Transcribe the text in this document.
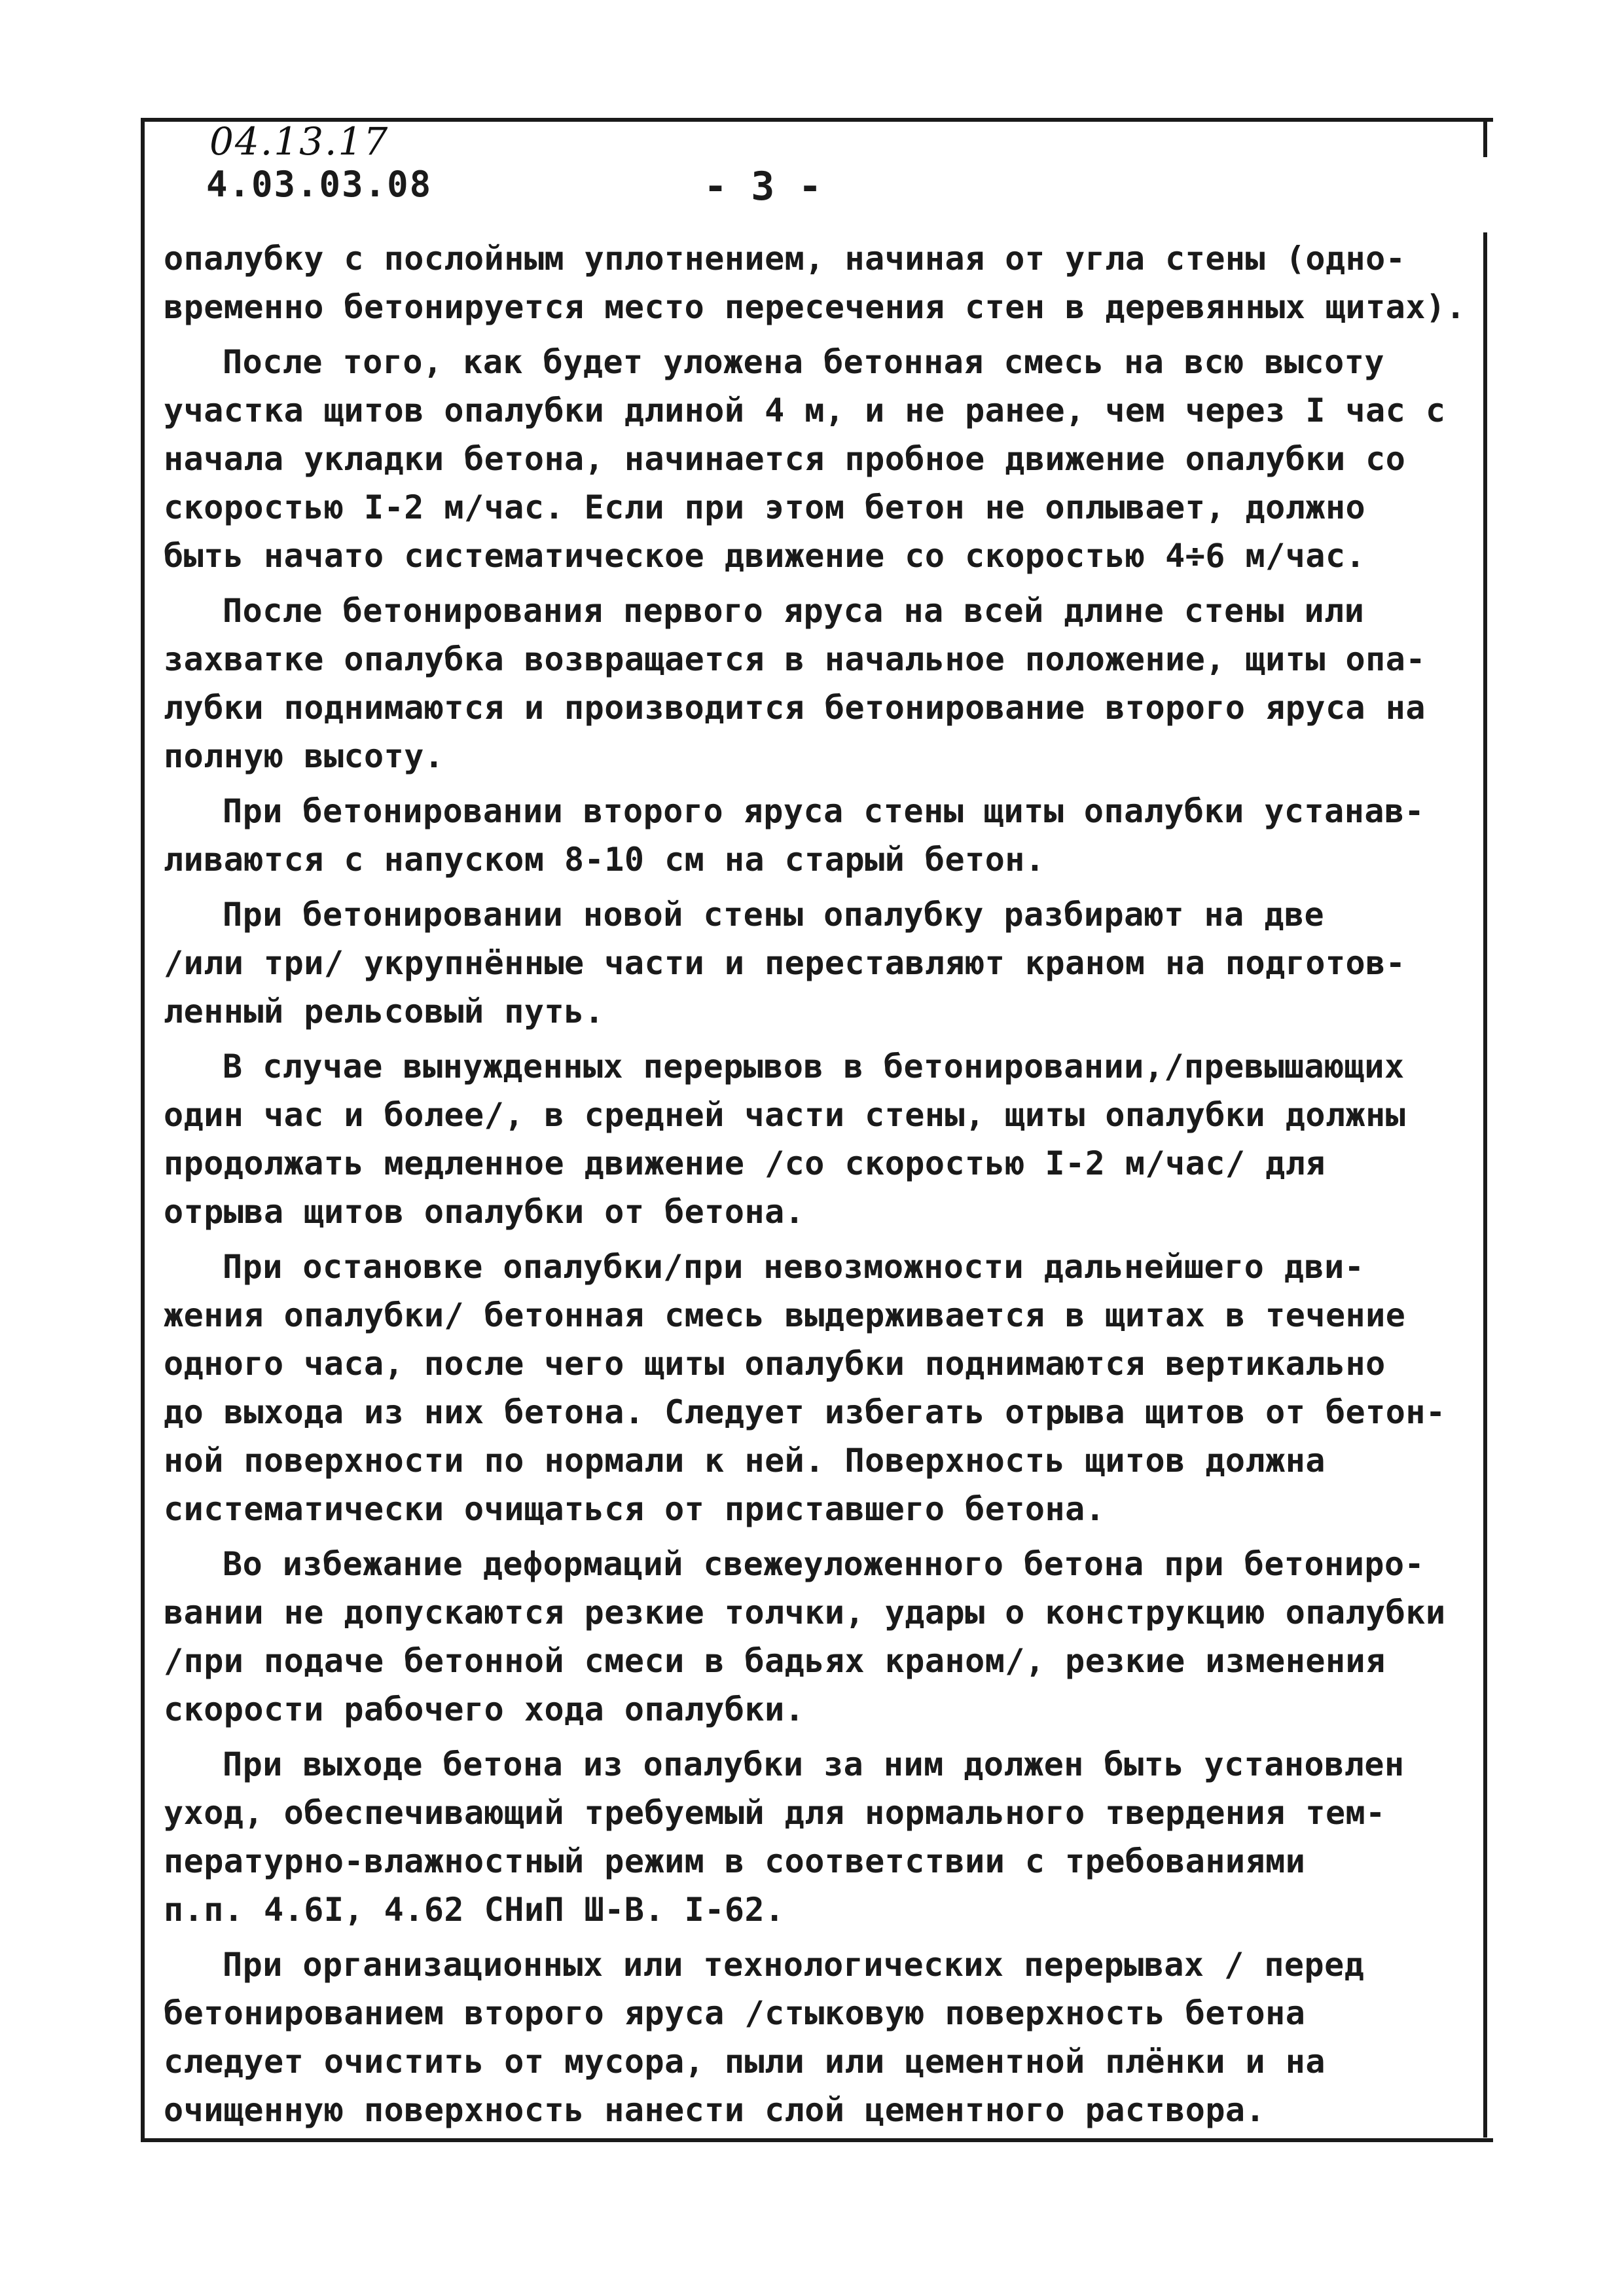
04.13.17
4.03.03.08	- 3 -
опалубку с послойным уплотнением, начиная от угла стены (одно-
временно бетонируется место пересечения стен в деревянных щитах).
После того, как будет уложена бетонная смесь на всю высоту
участка щитов опалубки длиной 4 м, и не ранее, чем через I час с
начала укладки бетона, начинается пробное движение опалубки со
скоростью I-2 м/час. Если при этом бетон не оплывает, должно
быть начато систематическое движение со скоростью 4÷6 м/час.
После бетонирования первого яруса на всей длине стены или
захватке опалубка возвращается в начальное положение, щиты опа-
лубки поднимаются и производится бетонирование второго яруса на
полную высоту.
При бетонировании второго яруса стены щиты опалубки устанав-
ливаются с напуском 8-10 см на старый бетон.
При бетонировании новой стены опалубку разбирают на две
/или три/ укрупнённые части и переставляют краном на подготов-
ленный рельсовый путь.
В случае вынужденных перерывов в бетонировании,/превышающих
один час и более/, в средней части стены, щиты опалубки должны
продолжать медленное движение /со скоростью I-2 м/час/ для
отрыва щитов опалубки от бетона.
При остановке опалубки/при невозможности дальнейшего дви-
жения опалубки/ бетонная смесь выдерживается в щитах в течение
одного часа, после чего щиты опалубки поднимаются вертикально
до выхода из них бетона. Следует избегать отрыва щитов от бетон-
ной поверхности по нормали к ней. Поверхность щитов должна
систематически очищаться от приставшего бетона.
Во избежание деформаций свежеуложенного бетона при бетониро-
вании не допускаются резкие толчки, удары о конструкцию опалубки
/при подаче бетонной смеси в бадьях краном/, резкие изменения
скорости рабочего хода опалубки.
При выходе бетона из опалубки за ним должен быть установлен
уход, обеспечивающий требуемый для нормального твердения тем-
пературно-влажностный режим в соответствии с требованиями
п.п. 4.6I, 4.62 СНиП Ш-В. I-62.
При организационных или технологических перерывах / перед
бетонированием второго яруса /стыковую поверхность бетона
следует очистить от мусора, пыли или цементной плёнки и на
очищенную поверхность нанести слой цементного раствора.
